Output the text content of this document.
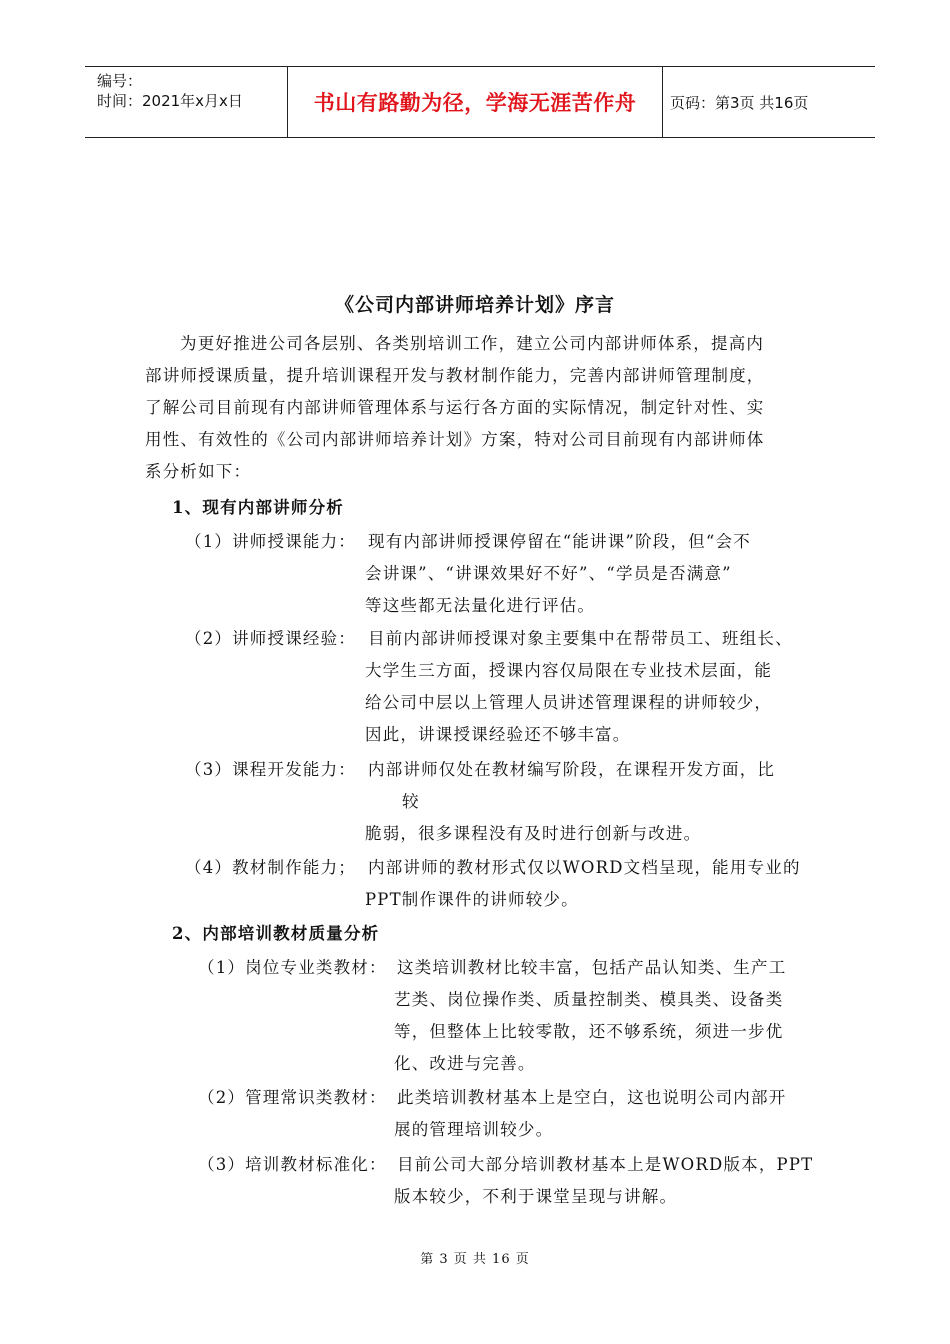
编号：
时间：2021年x月x日	书山有路勤为径，学海无涯苦作舟 页码：第3页 共16页
《公司内部讲师培养计划》序言
为更好推进公司各层别、各类别培训工作，建立公司内部讲师体系，提高内
部讲师授课质量，提升培训课程开发与教材制作能力，完善内部讲师管理制度，
了解公司目前现有内部讲师管理体系与运行各方面的实际情况，制定针对性、实
用性、有效性的《公司内部讲师培养计划》方案，特对公司目前现有内部讲师体
系分析如下：
1、现有内部讲师分析
（1）讲师授课能力： 现有内部讲师授课停留在“能讲课”阶段，但“会不
会讲课”、“讲课效果好不好”、“学员是否满意”
等这些都无法量化进行评估。
（2）讲师授课经验： 目前内部讲师授课对象主要集中在帮带员工、班组长、
大学生三方面，授课内容仅局限在专业技术层面，能
给公司中层以上管理人员讲述管理课程的讲师较少，
因此，讲课授课经验还不够丰富。
（3）课程开发能力： 内部讲师仅处在教材编写阶段，在课程开发方面，比
较
脆弱，很多课程没有及时进行创新与改进。
（4）教材制作能力； 内部讲师的教材形式仅以WORD文档呈现，能用专业的
PPT制作课件的讲师较少。
2、内部培训教材质量分析
（1）岗位专业类教材： 这类培训教材比较丰富，包括产品认知类、生产工
艺类、岗位操作类、质量控制类、模具类、设备类
等，但整体上比较零散，还不够系统，须进一步优
化、改进与完善。
（2）管理常识类教材： 此类培训教材基本上是空白，这也说明公司内部开
展的管理培训较少。
（3）培训教材标准化： 目前公司大部分培训教材基本上是WORD版本，PPT
版本较少，不利于课堂呈现与讲解。
第 3 页 共 16 页
